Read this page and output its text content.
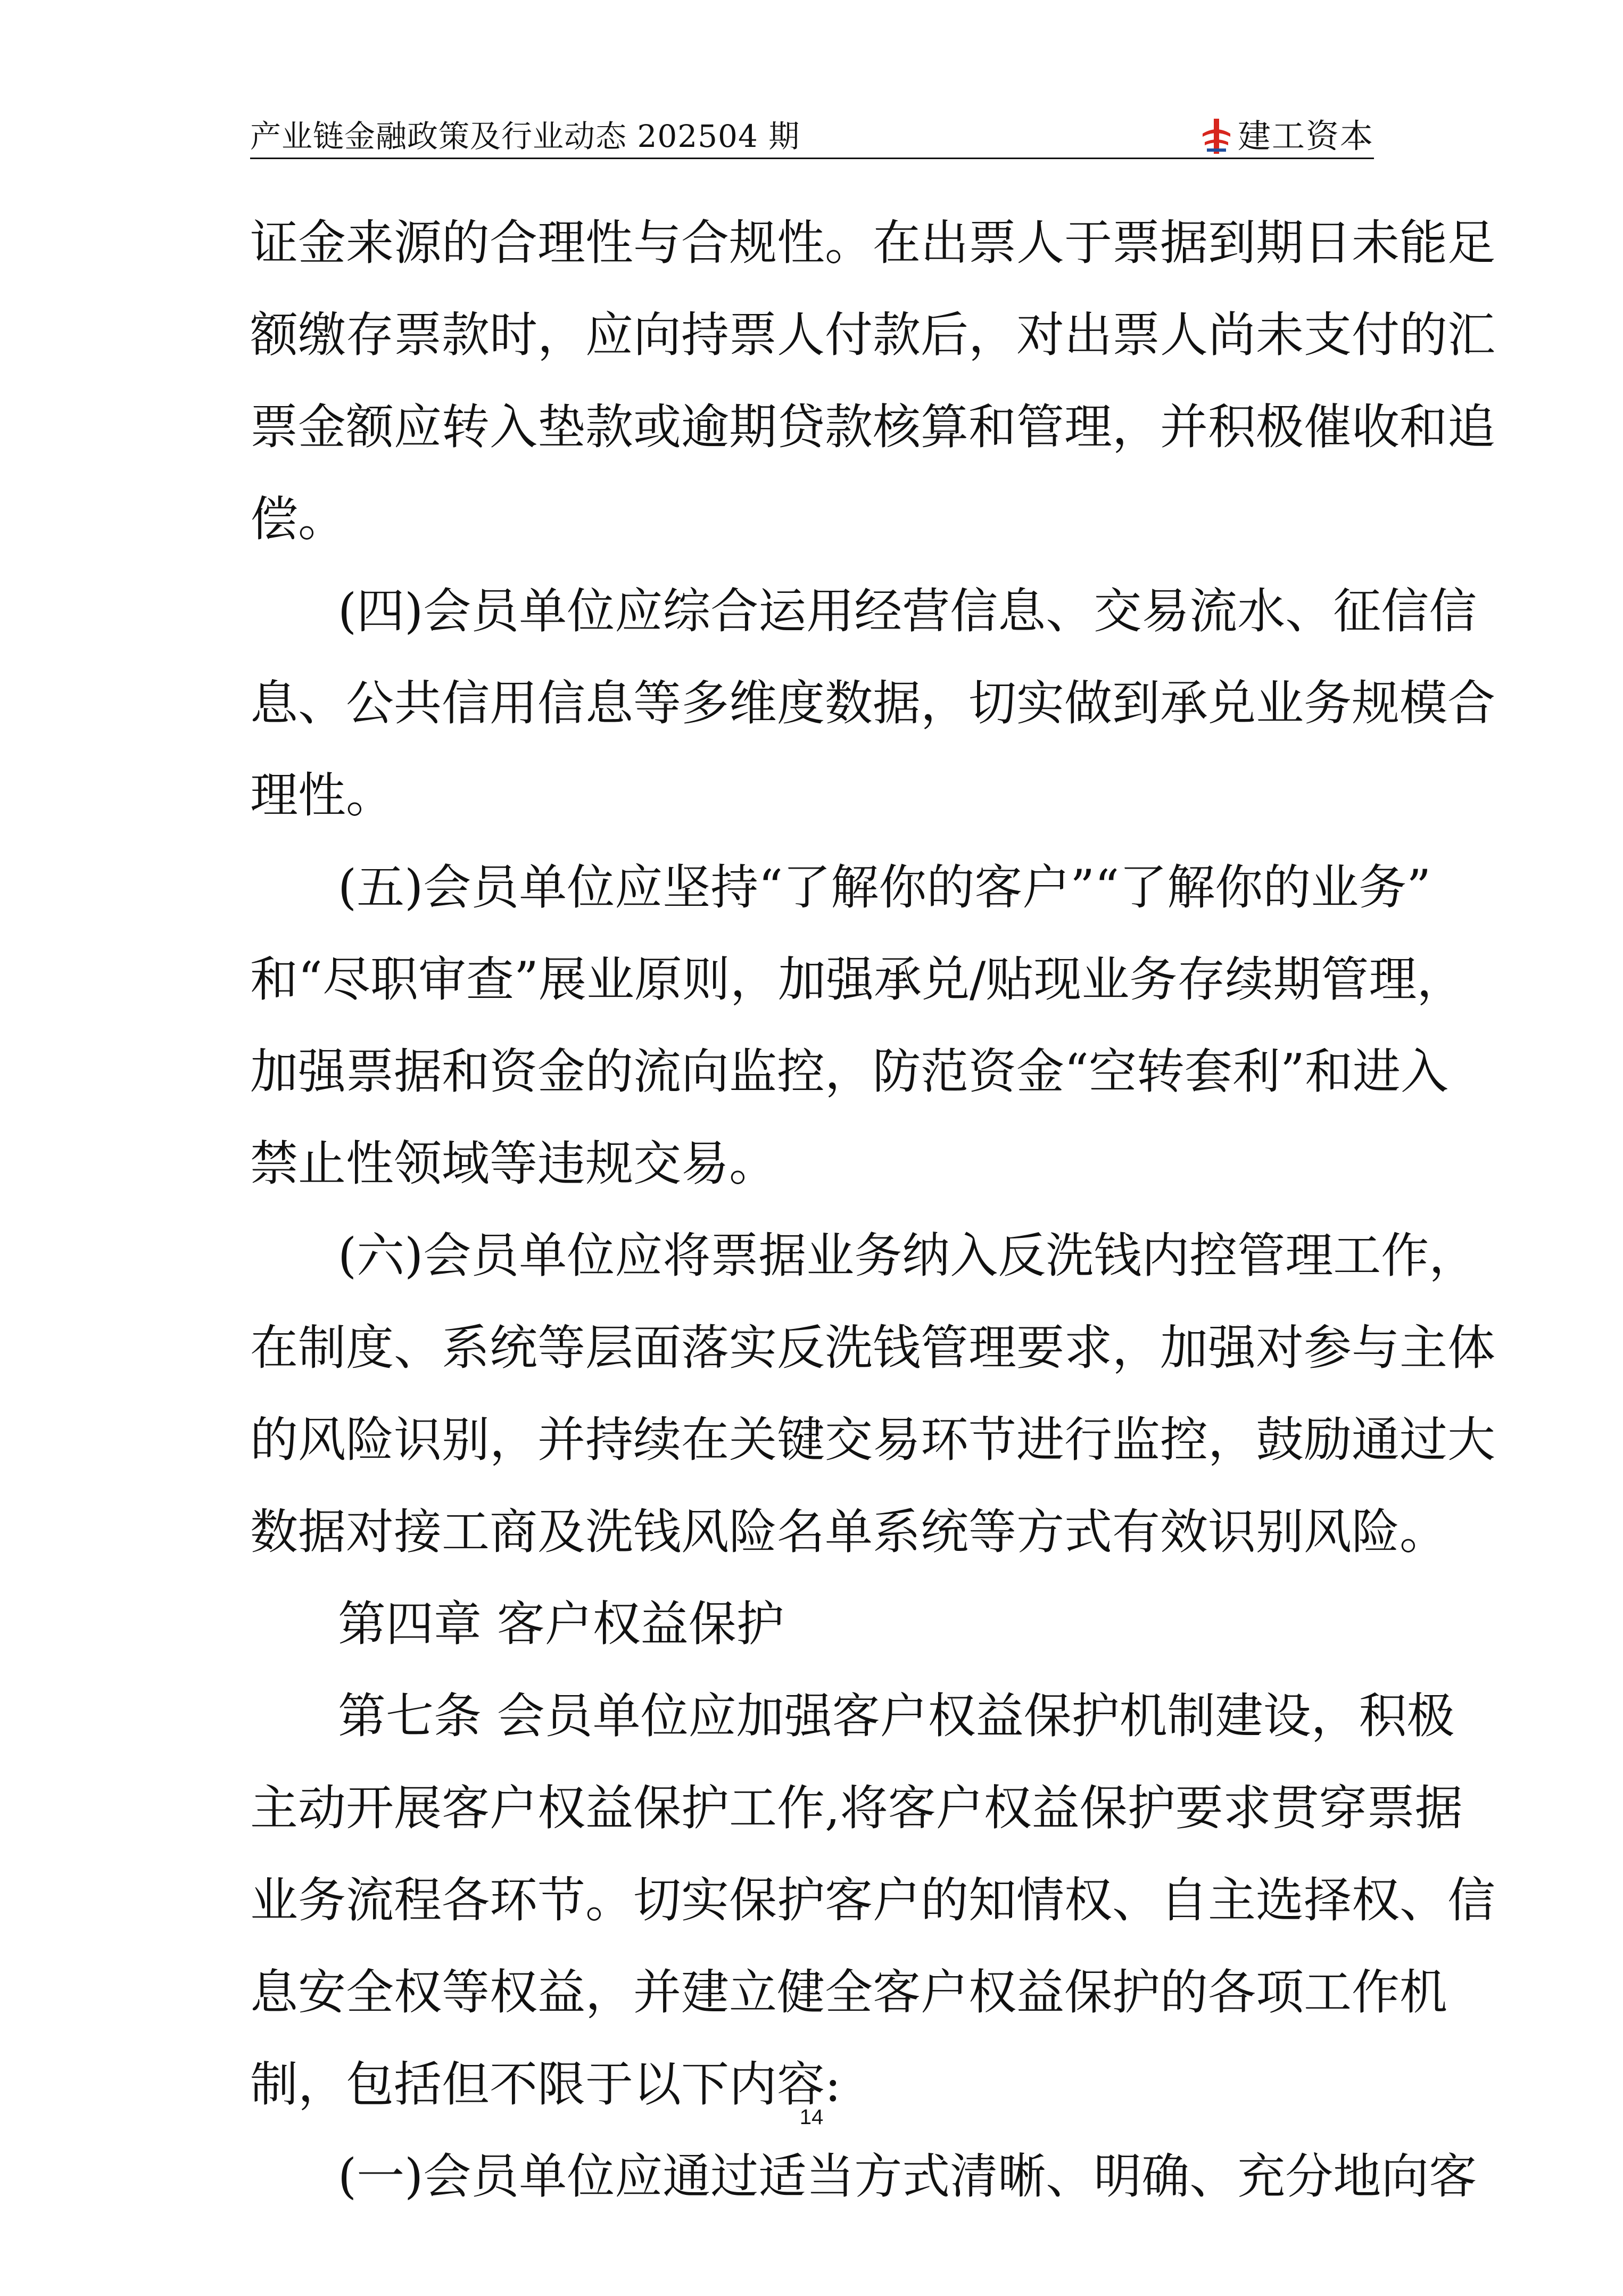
产业链金融政策及行业动态 202504 期	建工资本
证金来源的合理性与合规性。在出票人于票据到期日未能足
额缴存票款时，应向持票人付款后，对出票人尚未支付的汇
票金额应转入垫款或逾期贷款核算和管理，并积极催收和追
偿。
(四)会员单位应综合运用经营信息、交易流水、征信信
息、公共信用信息等多维度数据，切实做到承兑业务规模合
理性。
(五)会员单位应坚持“了解你的客户”“了解你的业务”
和“尽职审查”展业原则，加强承兑/贴现业务存续期管理，
加强票据和资金的流向监控，防范资金“空转套利”和进入
禁止性领域等违规交易。
(六)会员单位应将票据业务纳入反洗钱内控管理工作，
在制度、系统等层面落实反洗钱管理要求，加强对参与主体
的风险识别，并持续在关键交易环节进行监控，鼓励通过大
数据对接工商及洗钱风险名单系统等方式有效识别风险。
第四章 客户权益保护
第七条 会员单位应加强客户权益保护机制建设，积极
主动开展客户权益保护工作,将客户权益保护要求贯穿票据
业务流程各环节。切实保护客户的知情权、自主选择权、信
息安全权等权益，并建立健全客户权益保护的各项工作机
制，包括但不限于以下内容:
(一)会员单位应通过适当方式清晰、明确、充分地向客
14
